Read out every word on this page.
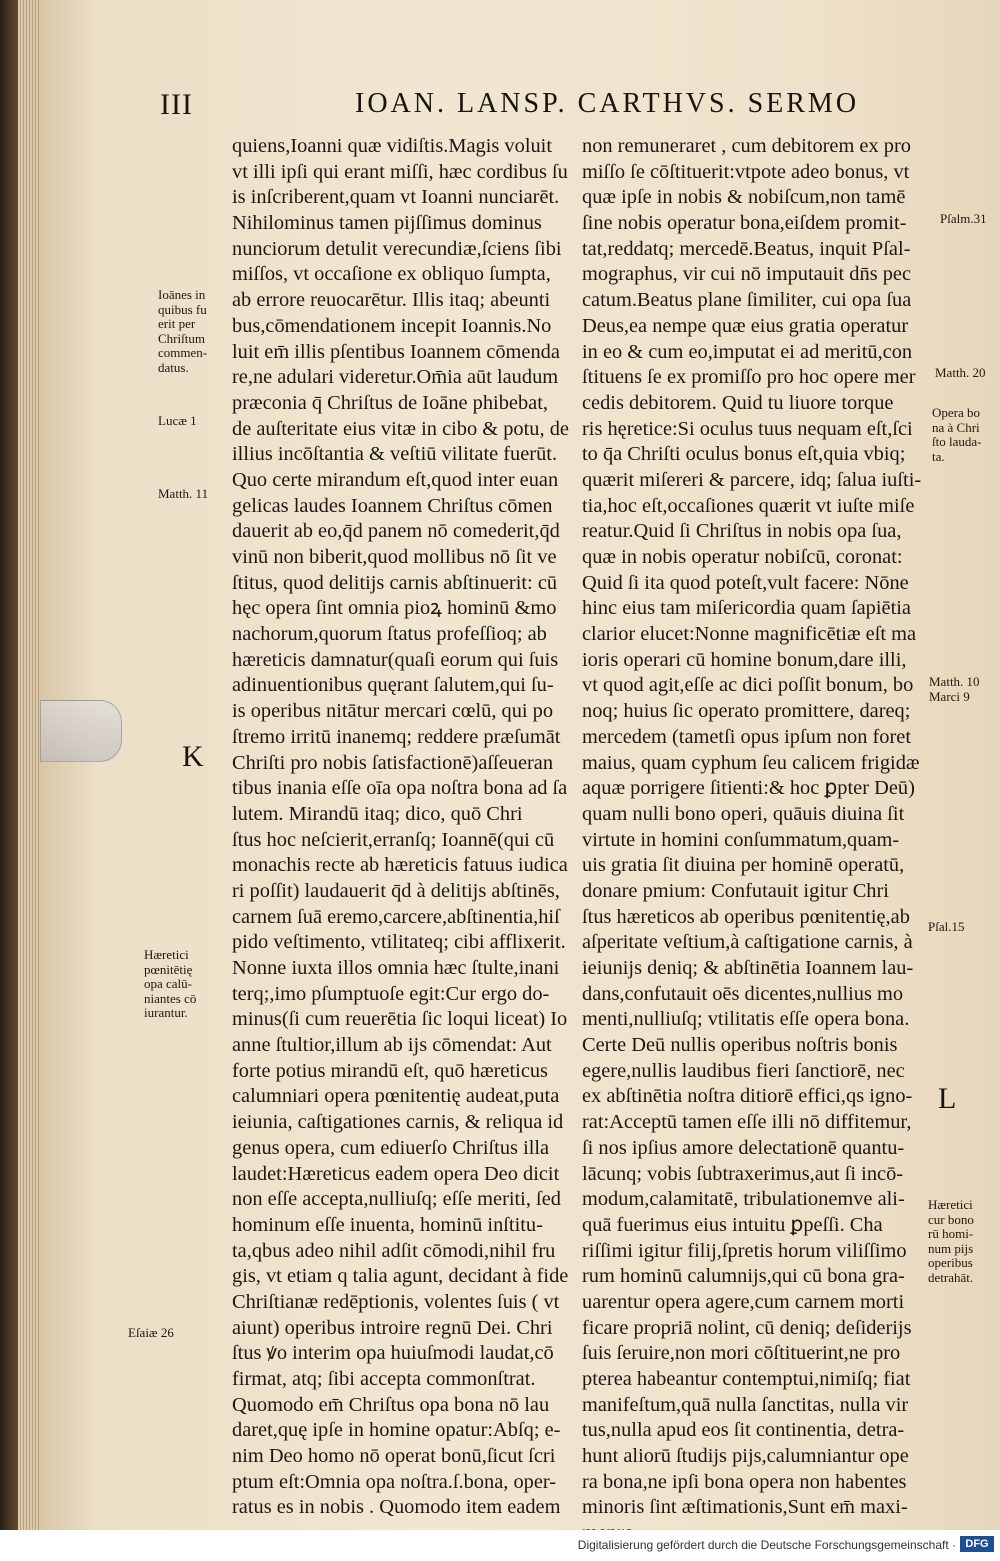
III	IOAN. LANSP. CARTHVS. SERMO
quiens,Ioanni quæ vidiſtis.Magis voluit
vt illi ipſi qui erant miſſi, hæc cordibus ſu
is inſcriberent,quam vt Ioanni nunciarēt.
Nihilominus tamen pijſſimus dominus
nunciorum detulit verecundiæ,ſciens ſibi
miſſos, vt occaſione ex obliquo ſumpta,
ab errore reuocarētur. Illis itaq; abeunti
bus,cōmendationem incepit Ioannis.No
luit em̄ illis pſentibus Ioannem cōmenda
re,ne adulari videretur.Om̄ia aūt laudum
præconia q̄ Chriſtus de Ioāne phibebat,
de auſteritate eius vitæ in cibo & potu, de
illius incōſtantia & veſtiū vilitate fuerūt.
Quo certe mirandum eſt,quod inter euan
gelicas laudes Ioannem Chriſtus cōmen
dauerit ab eo,q̄d panem nō comederit,q̄d
vinū non biberit,quod mollibus nō ſit ve
ſtitus, quod delitijs carnis abſtinuerit: cū
hęc opera ſint omnia pioꝝ hominū &mo
nachorum,quorum ſtatus profeſſioq; ab
hæreticis damnatur(quaſi eorum qui ſuis
adinuentionibus quęrant ſalutem,qui ſu-
is operibus nitātur mercari cœlū, qui po
ſtremo irritū inanemq; reddere præſumāt
Chriſti pro nobis ſatisfactionē)aſſeueran
tibus inania eſſe oīa opa noſtra bona ad ſa
lutem. Mirandū itaq; dico, quō Chri
ſtus hoc neſcierit,erranſq; Ioannē(qui cū
monachis recte ab hæreticis fatuus iudica
ri poſſit) laudauerit q̄d à delitijs abſtinēs,
carnem ſuā eremo,carcere,abſtinentia,hiſ
pido veſtimento, vtilitateq; cibi afflixerit.
Nonne iuxta illos omnia hæc ſtulte,inani
terq;,imo pſumptuoſe egit:Cur ergo do-
minus(ſi cum reuerētia ſic loqui liceat) Io
anne ſtultior,illum ab ijs cōmendat: Aut
forte potius mirandū eſt, quō hæreticus
calumniari opera pœnitentię audeat,puta
ieiunia, caſtigationes carnis, & reliqua id
genus opera, cum ediuerſo Chriſtus illa
laudet:Hæreticus eadem opera Deo dicit
non eſſe accepta,nulliuſq; eſſe meriti, ſed
hominum eſſe inuenta, hominū inſtitu-
ta,qbus adeo nihil adſit cōmodi,nihil fru
gis, vt etiam q talia agunt, decidant à fide
Chriſtianæ redēptionis, volentes ſuis ( vt
aiunt) operibus introire regnū Dei. Chri
ſtus ꝟo interim opa huiuſmodi laudat,cō
firmat, atq; ſibi accepta commonſtrat.
Quomodo em̄ Chriſtus opa bona nō lau
daret,quę ipſe in homine opatur:Abſq; e-
nim Deo homo nō operat bonū,ſicut ſcri
ptum eſt:Omnia opa noſtra.ſ.bona, oper-
ratus es in nobis . Quomodo item eadem
non remuneraret , cum debitorem ex pro
miſſo ſe cōſtituerit:vtpote adeo bonus, vt
quæ ipſe in nobis & nobiſcum,non tamē
ſine nobis operatur bona,eiſdem promit-
tat,reddatq; mercedē.Beatus, inquit Pſal-
mographus, vir cui nō imputauit dn̄s pec
catum.Beatus plane ſimiliter, cui opa ſua
Deus,ea nempe quæ eius gratia operatur
in eo & cum eo,imputat ei ad meritū,con
ſtituens ſe ex promiſſo pro hoc opere mer
cedis debitorem. Quid tu liuore torque
ris hęretice:Si oculus tuus nequam eſt,ſci
to q̄a Chriſti oculus bonus eſt,quia vbiq;
quærit miſereri & parcere, idq; ſalua iuſti-
tia,hoc eſt,occaſiones quærit vt iuſte miſe
reatur.Quid ſi Chriſtus in nobis opa ſua,
quæ in nobis operatur nobiſcū, coronat:
Quid ſi ita quod poteſt,vult facere: Nōne
hinc eius tam miſericordia quam ſapiētia
clarior elucet:Nonne magnificētiæ eſt ma
ioris operari cū homine bonum,dare illi,
vt quod agit,eſſe ac dici poſſit bonum, bo
noq; huius ſic operato promittere, dareq;
mercedem (tametſi opus ipſum non foret
maius, quam cyphum ſeu calicem frigidæ
aquæ porrigere ſitienti:& hoc ꝑpter Deū)
quam nulli bono operi, quāuis diuina ſit
virtute in homini conſummatum,quam-
uis gratia ſit diuina per hominē operatū,
donare pmium: Confutauit igitur Chri
ſtus hæreticos ab operibus pœnitentię,ab
aſperitate veſtium,à caſtigatione carnis, à
ieiunijs deniq; & abſtinētia Ioannem lau-
dans,confutauit oēs dicentes,nullius mo
menti,nulliuſq; vtilitatis eſſe opera bona.
Certe Deū nullis operibus noſtris bonis
egere,nullis laudibus fieri ſanctiorē, nec
ex abſtinētia noſtra ditiorē effici,qs igno-
rat:Acceptū tamen eſſe illi nō diffitemur,
ſi nos ipſius amore delectationē quantu-
lācunq; vobis ſubtraxerimus,aut ſi incō-
modum,calamitatē, tribulationemve ali-
quā fuerimus eius intuitu ꝑpeſſi. Cha
riſſimi igitur filij,ſpretis horum viliſſimo
rum hominū calumnijs,qui cū bona gra-
uarentur opera agere,cum carnem morti
ficare propriā nolint, cū deniq; deſiderijs
ſuis ſeruire,non mori cōſtituerint,ne pro
pterea habeantur contemptui,nimiſq; fiat
manifeſtum,quā nulla ſanctitas, nulla vir
tus,nulla apud eos ſit continentia, detra-
hunt aliorū ſtudijs pijs,calumniantur ope
ra bona,ne ipſi bona opera non habentes
minoris ſint æſtimationis,Sunt em̄ maxi-
Ioānes in
quibus fu
erit per
Chriſtum
commen-
datus.
Lucæ 1
Matth. 11
K
Hæretici
pœnitētię
opa calū-
niantes cō
iurantur.
Eſaiæ 26
Pſalm.31
Matth. 20
Opera bo
na à Chri
ſto lauda-
ta.
Matth. 10
Marci 9
Pſal.15
L
Hæretici
cur bono
rū homi-
num pijs
operibus
detrahāt.
Digitalisierung gefördert durch die Deutsche Forschungsgemeinschaft · DFG
